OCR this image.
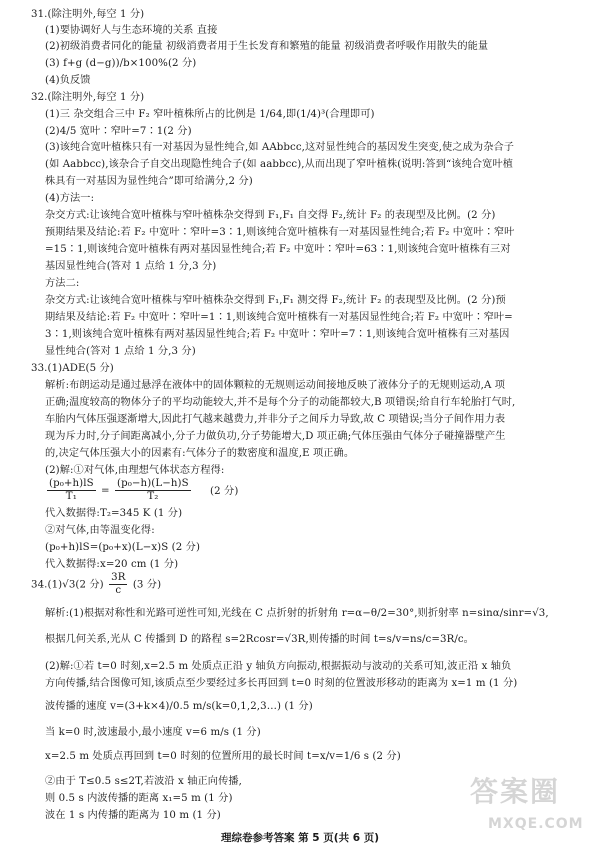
31.(除注明外,每空 1 分)
(1)要协调好人与生态环境的关系 直接
(2)初级消费者同化的能量 初级消费者用于生长发育和繁殖的能量 初级消费者呼吸作用散失的能量
(3) f+g (d−g))/b×100%(2 分)
(4)负反馈
32.(除注明外,每空 1 分)
(1)三 杂交组合三中 F₂ 窄叶植株所占的比例是 1/64,即(1/4)³(合理即可)
(2)4/5 宽叶∶窄叶=7∶1(2 分)
(3)该纯合宽叶植株只有一对基因为显性纯合,如 AAbbcc,这对显性纯合的基因发生突变,使之成为杂合子
(如 Aabbcc),该杂合子自交出现隐性纯合子(如 aabbcc),从而出现了窄叶植株(说明:答到“该纯合宽叶植
株具有一对基因为显性纯合”即可给满分,2 分)
(4)方法一:
杂交方式:让该纯合宽叶植株与窄叶植株杂交得到 F₁,F₁ 自交得 F₂,统计 F₂ 的表现型及比例。(2 分)
预期结果及结论:若 F₂ 中宽叶∶窄叶=3∶1,则该纯合宽叶植株有一对基因显性纯合;若 F₂ 中宽叶∶窄叶
=15∶1,则该纯合宽叶植株有两对基因显性纯合;若 F₂ 中宽叶∶窄叶=63∶1,则该纯合宽叶植株有三对
基因显性纯合(答对 1 点给 1 分,3 分)
方法二:
杂交方式:让该纯合宽叶植株与窄叶植株杂交得到 F₁,F₁ 测交得 F₂,统计 F₂ 的表现型及比例。(2 分)预
期结果及结论:若 F₂ 中宽叶∶窄叶=1∶1,则该纯合宽叶植株有一对基因显性纯合;若 F₂ 中宽叶∶窄叶=
3∶1,则该纯合宽叶植株有两对基因显性纯合;若 F₂ 中宽叶∶窄叶=7∶1,则该纯合宽叶植株有三对基因
显性纯合(答对 1 点给 1 分,3 分)
33.(1)ADE(5 分)
解析:布朗运动是通过悬浮在液体中的固体颗粒的无规则运动间接地反映了液体分子的无规则运动,A 项
正确;温度较高的物体分子的平均动能较大,并不是每个分子的动能都较大,B 项错误;给自行车轮胎打气时,
车胎内气体压强逐渐增大,因此打气越来越费力,并非分子之间斥力导致,故 C 项错误;当分子间作用力表
现为斥力时,分子间距离减小,分子力做负功,分子势能增大,D 项正确;气体压强由气体分子碰撞器壁产生
的,决定气体压强大小的因素有:气体分子的数密度和温度,E 项正确。
(2)解:①对气体,由理想气体状态方程得:
$\frac{\text{(p₀+h)lS}}{\text{T₁}} = \frac{\text{(p₀−h)(L−h)S}}{\text{T₂}} (2$ 分)
代入数据得:T₂=345 K (1 分)
②对气体,由等温变化得:
(p₀+h)lS=(p₀+x)(L−x)S (2 分)
代入数据得:x=20 cm (1 分)
34.(1)√3(2 分) $\frac{3R}{c} (3$ 分)
解析:(1)根据对称性和光路可逆性可知,光线在 C 点折射的折射角 r=α−θ/2=30°,则折射率 n=sinα/sinr=√3,
根据几何关系,光从 C 传播到 D 的路程 s=2Rcosr=√3R,则传播的时间 t=s/v=ns/c=3R/c。
(2)解:①若 t=0 时刻,x=2.5 m 处质点正沿 y 轴负方向振动,根据振动与波动的关系可知,波正沿 x 轴负
方向传播,结合图像可知,该质点至少要经过多长再回到 t=0 时刻的位置波形移动的距离为 x=1 m (1 分)
波传播的速度 v=(3+k×4)/0.5 m/s(k=0,1,2,3…) (1 分)
当 k=0 时,波速最小,最小速度 v=6 m/s (1 分)
x=2.5 m 处质点再回到 t=0 时刻的位置所用的最长时间 t=x/v=1/6 s (2 分)
②由于 T≤0.5 s≤2T,若波沿 x 轴正向传播,
则 0.5 s 内波传播的距离 x₁=5 m (1 分)
波在 1 s 内传播的距离为 10 m (1 分)
答案圈
MXQE.COM
理综卷参考答案 第 5 页(共 6 页)
